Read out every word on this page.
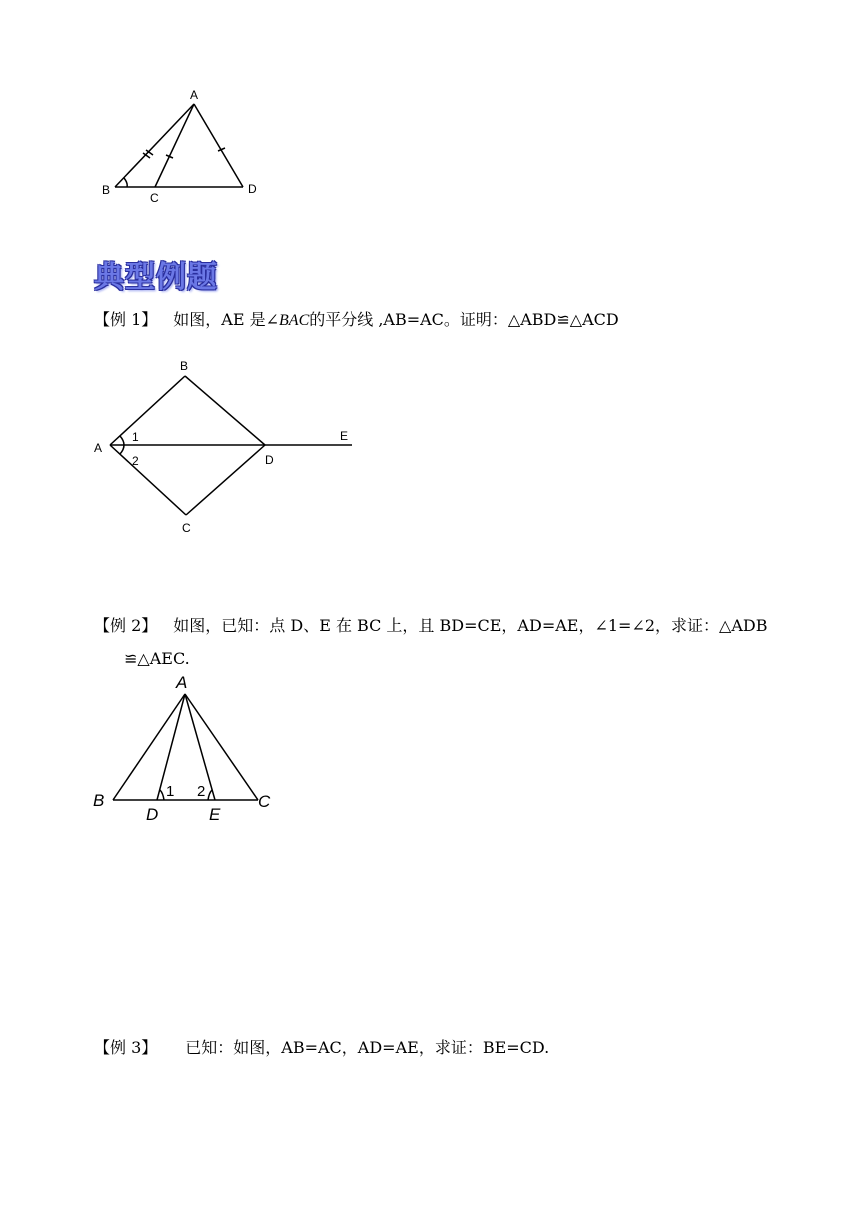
A
B
C
D
典型例题
【例 1】 如图，AE 是∠BAC的平分线 ,AB=AC。证明：△ABD≌△ACD
B
A
1
2	D
E
C
【例 2】 如图，已知：点 D、E 在 BC 上，且 BD=CE，AD=AE，∠1=∠2，求证：△ADB
≌△AEC.
A
B
D	E
C
1 2
【例 3】 已知：如图，AB=AC，AD=AE，求证：BE=CD.
